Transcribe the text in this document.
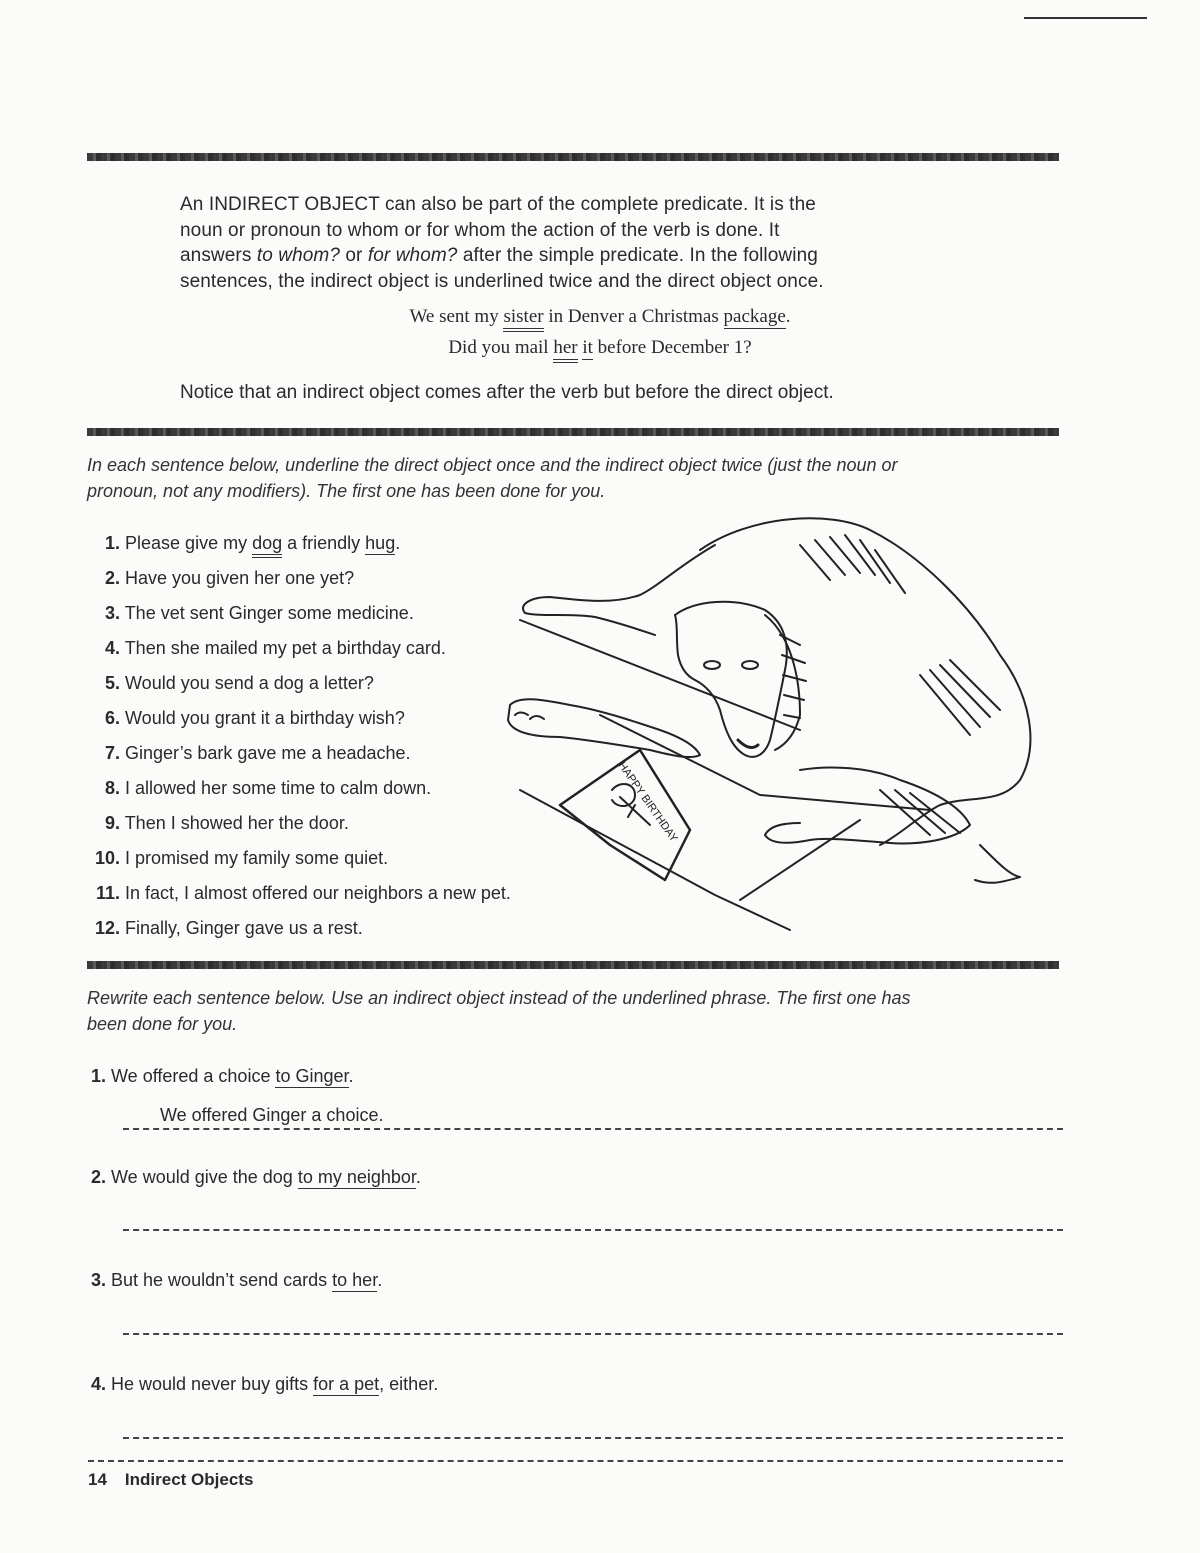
An INDIRECT OBJECT can also be part of the complete predicate. It is the
noun or pronoun to whom or for whom the action of the verb is done. It
answers to whom? or for whom? after the simple predicate. In the following
sentences, the indirect object is underlined twice and the direct object once.
We sent my sister in Denver a Christmas package.
Did you mail her it before December 1?
Notice that an indirect object comes after the verb but before the direct object.
In each sentence below, underline the direct object once and the indirect object twice (just the noun or
pronoun, not any modifiers). The first one has been done for you.
1. Please give my dog a friendly hug.
2. Have you given her one yet?
3. The vet sent Ginger some medicine.
4. Then she mailed my pet a birthday card.
5. Would you send a dog a letter?
6. Would you grant it a birthday wish?
7. Ginger’s bark gave me a headache.
8. I allowed her some time to calm down.
9. Then I showed her the door.
10. I promised my family some quiet.
11. In fact, I almost offered our neighbors a new pet.
12. Finally, Ginger gave us a rest.
HAPPY BIRTHDAY
Rewrite each sentence below. Use an indirect object instead of the underlined phrase. The first one has
been done for you.
1. We offered a choice to Ginger.
We offered Ginger a choice.
2. We would give the dog to my neighbor.
3. But he wouldn’t send cards to her.
4. He would never buy gifts for a pet, either.
14 Indirect Objects
